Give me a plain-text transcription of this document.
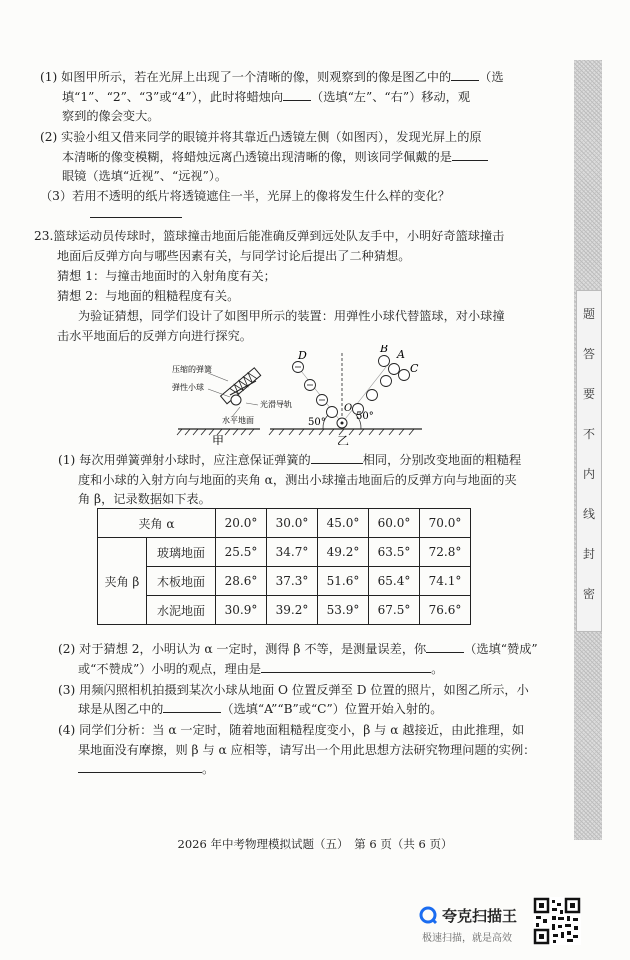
(1) 如图甲所示，若在光屏上出现了一个清晰的像，则观察到的像是图乙中的 （选
填“1”、“2”、“3”或“4”），此时将蜡烛向 （选填“左”、“右”）移动，观
察到的像会变大。
(2) 实验小组又借来同学的眼镜并将其靠近凸透镜左侧（如图丙），发现光屏上的原
本清晰的像变模糊，将蜡烛远离凸透镜出现清晰的像，则该同学佩戴的是
眼镜（选填“近视”、“远视”）。
（3）若用不透明的纸片将透镜遮住一半，光屏上的像将发生什么样的变化？
23.篮球运动员传球时，篮球撞击地面后能准确反弹到远处队友手中，小明好奇篮球撞击
地面后反弹方向与哪些因素有关，与同学讨论后提出了二种猜想。
猜想 1：与撞击地面时的入射角度有关；
猜想 2：与地面的粗糙程度有关。
为验证猜想，同学们设计了如图甲所示的装置：用弹性小球代替篮球，对小球撞
击水平地面后的反弹方向进行探究。
压缩的弹簧
弹性小球
光滑导轨
水平地面
甲
D
O
B A
C
50°
50°
乙
(1) 每次用弹簧弹射小球时，应注意保证弹簧的	相同，分别改变地面的粗糙程
度和小球的入射方向与地面的夹角 α，测出小球撞击地面后的反弹方向与地面的夹
角 β，记录数据如下表。
夹角 α		20.0°	30.0°	45.0°	60.0°	70.0°
夹角 β	玻璃地面	25.5°	34.7°	49.2°	63.5°	72.8°
	木板地面	28.6°	37.3°	51.6°	65.4°	74.1°
	水泥地面	30.9°	39.2°	53.9°	67.5°	76.6°
(2) 对于猜想 2，小明认为 α 一定时，测得 β 不等，是测量误差，你	（选填“赞成”
或“不赞成”）小明的观点，理由是	。
(3) 用频闪照相机拍摄到某次小球从地面 O 位置反弹至 D 位置的照片，如图乙所示，小
球是从图乙中的	（选填“A”“B”或“C”）位置开始入射的。
(4) 同学们分析：当 α 一定时，随着地面粗糙程度变小，β 与 α 越接近，由此推理，如
果地面没有摩擦，则 β 与 α 应相等，请写出一个用此思想方法研究物理问题的实例：
。
题
答
要
不
内
线
封
密
2026 年中考物理模拟试题（五）　第 6 页（共 6 页）
夸克扫描王
极速扫描，就是高效
